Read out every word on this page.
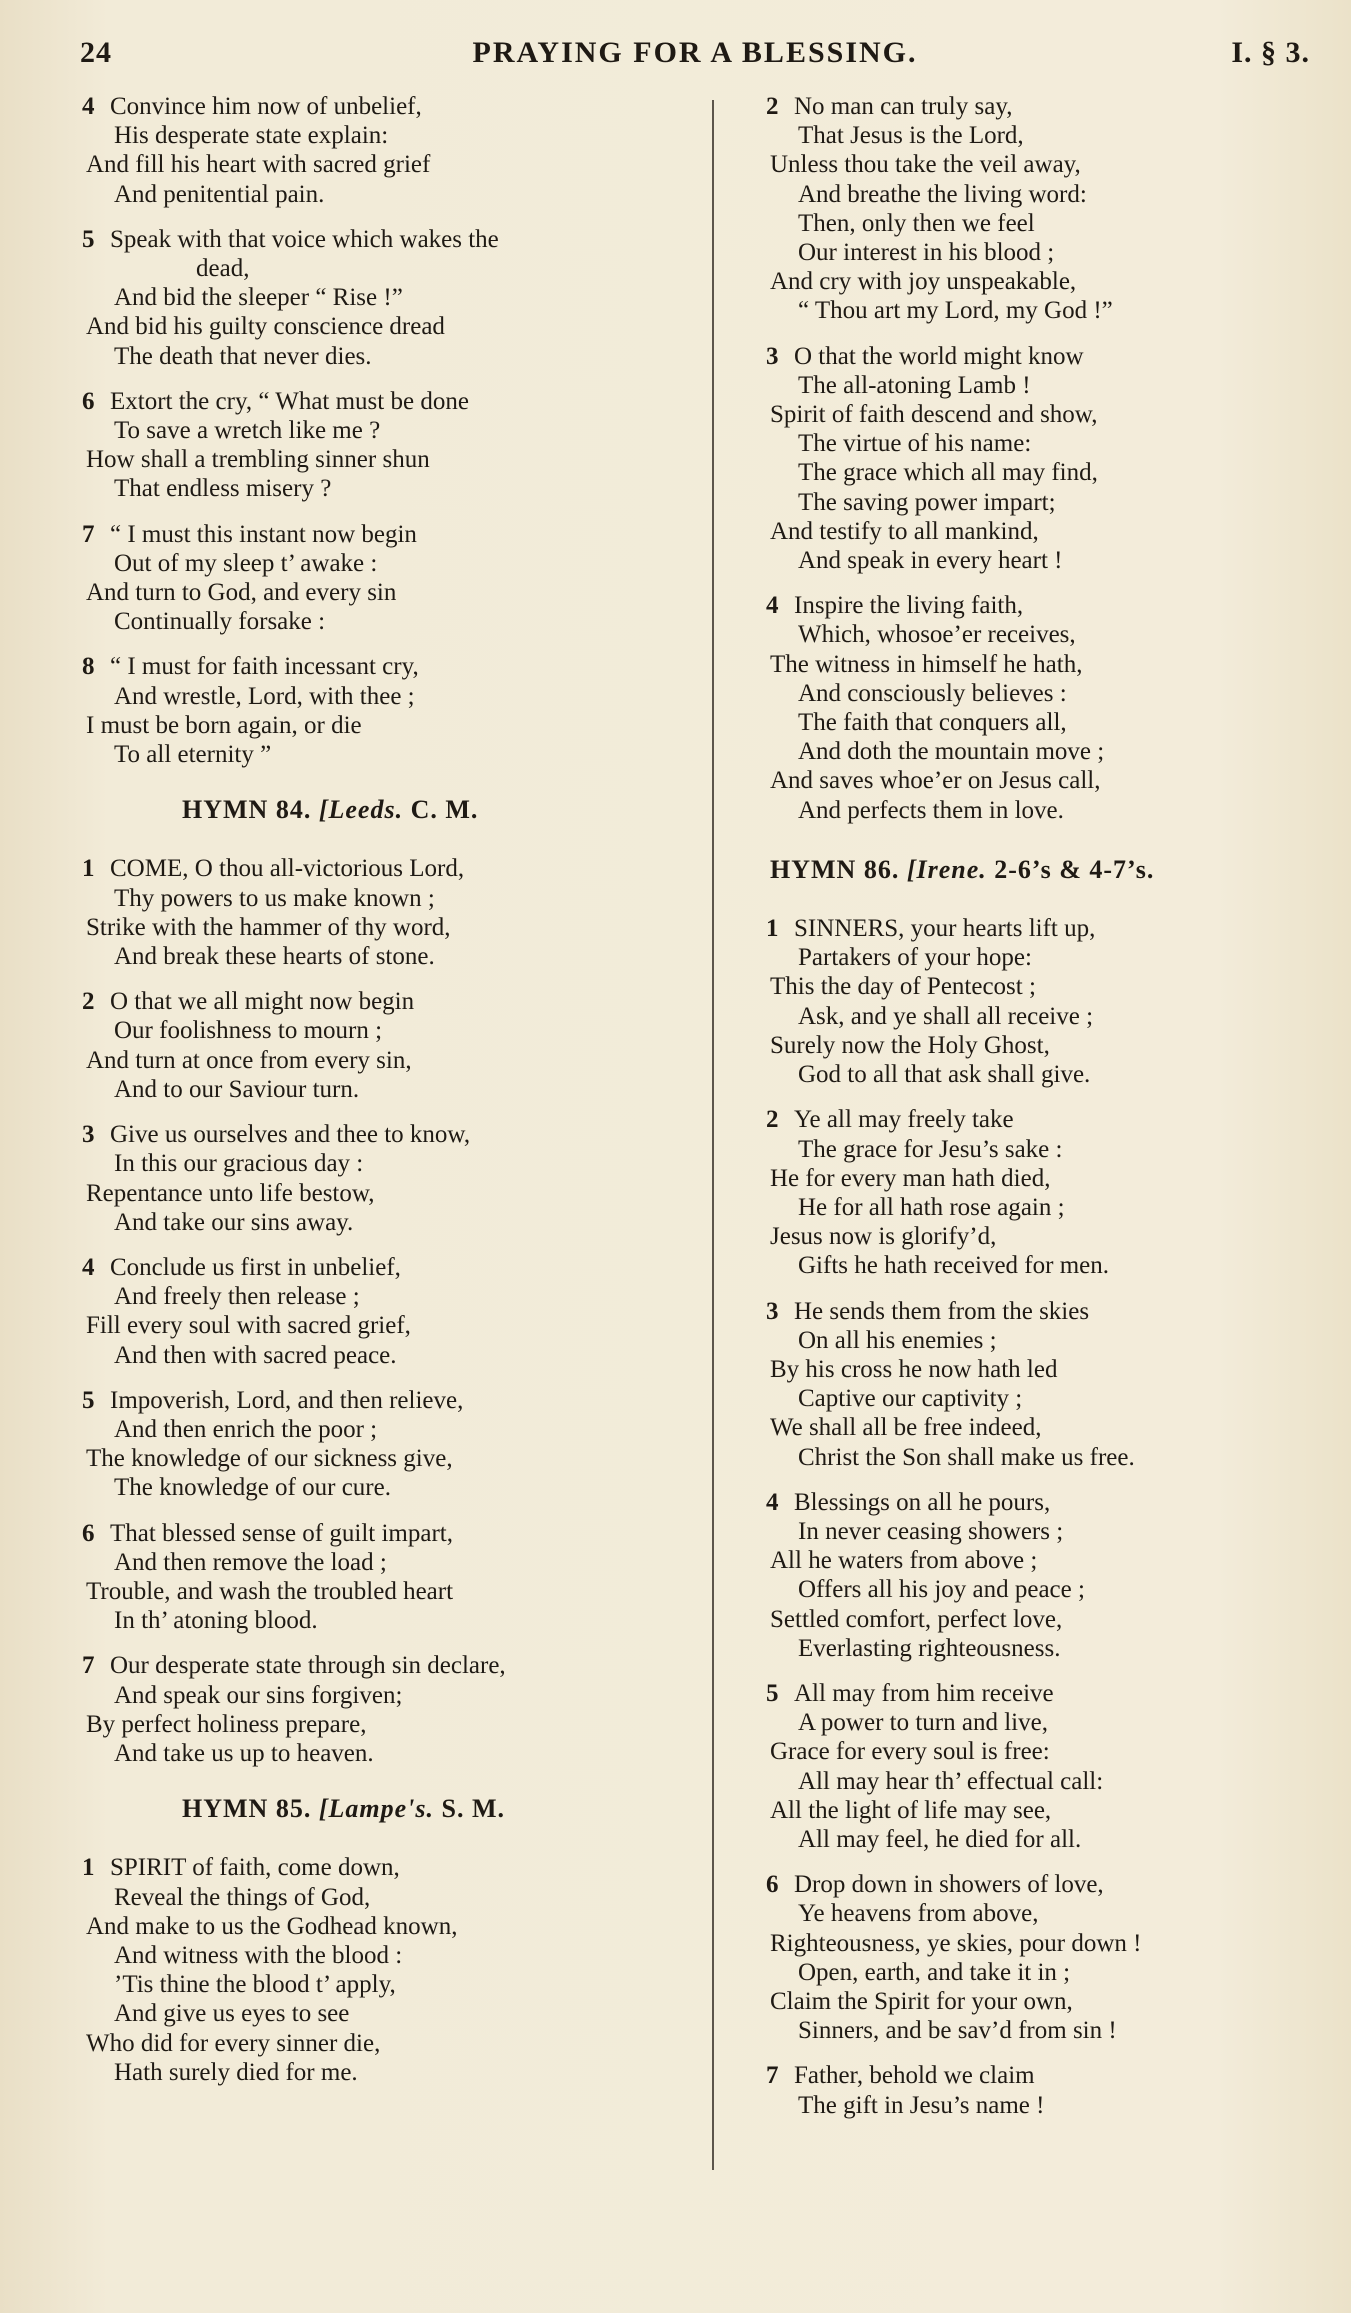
24	PRAYING FOR A BLESSING.	I. § 3.
4 Convince him now of unbelief,
His desperate state explain:
And fill his heart with sacred grief
And penitential pain.
5 Speak with that voice which wakes the
dead,
And bid the sleeper “ Rise !”
And bid his guilty conscience dread
The death that never dies.
6 Extort the cry, “ What must be done
To save a wretch like me ?
How shall a trembling sinner shun
That endless misery ?
7 “ I must this instant now begin
Out of my sleep t’ awake :
And turn to God, and every sin
Continually forsake :
8 “ I must for faith incessant cry,
And wrestle, Lord, with thee ;
I must be born again, or die
To all eternity ”
HYMN 84. [Leeds. C. M.
1 COME, O thou all-victorious Lord,
Thy powers to us make known ;
Strike with the hammer of thy word,
And break these hearts of stone.
2 O that we all might now begin
Our foolishness to mourn ;
And turn at once from every sin,
And to our Saviour turn.
3 Give us ourselves and thee to know,
In this our gracious day :
Repentance unto life bestow,
And take our sins away.
4 Conclude us first in unbelief,
And freely then release ;
Fill every soul with sacred grief,
And then with sacred peace.
5 Impoverish, Lord, and then relieve,
And then enrich the poor ;
The knowledge of our sickness give,
The knowledge of our cure.
6 That blessed sense of guilt impart,
And then remove the load ;
Trouble, and wash the troubled heart
In th’ atoning blood.
7 Our desperate state through sin declare,
And speak our sins forgiven;
By perfect holiness prepare,
And take us up to heaven.
HYMN 85. [Lampe's. S. M.
1 SPIRIT of faith, come down,
Reveal the things of God,
And make to us the Godhead known,
And witness with the blood :
’Tis thine the blood t’ apply,
And give us eyes to see
Who did for every sinner die,
Hath surely died for me.
2 No man can truly say,
That Jesus is the Lord,
Unless thou take the veil away,
And breathe the living word:
Then, only then we feel
Our interest in his blood ;
And cry with joy unspeakable,
“ Thou art my Lord, my God !”
3 O that the world might know
The all-atoning Lamb !
Spirit of faith descend and show,
The virtue of his name:
The grace which all may find,
The saving power impart;
And testify to all mankind,
And speak in every heart !
4 Inspire the living faith,
Which, whosoe’er receives,
The witness in himself he hath,
And consciously believes :
The faith that conquers all,
And doth the mountain move ;
And saves whoe’er on Jesus call,
And perfects them in love.
HYMN 86. [Irene. 2-6’s & 4-7’s.
1 SINNERS, your hearts lift up,
Partakers of your hope:
This the day of Pentecost ;
Ask, and ye shall all receive ;
Surely now the Holy Ghost,
God to all that ask shall give.
2 Ye all may freely take
The grace for Jesu’s sake :
He for every man hath died,
He for all hath rose again ;
Jesus now is glorify’d,
Gifts he hath received for men.
3 He sends them from the skies
On all his enemies ;
By his cross he now hath led
Captive our captivity ;
We shall all be free indeed,
Christ the Son shall make us free.
4 Blessings on all he pours,
In never ceasing showers ;
All he waters from above ;
Offers all his joy and peace ;
Settled comfort, perfect love,
Everlasting righteousness.
5 All may from him receive
A power to turn and live,
Grace for every soul is free:
All may hear th’ effectual call:
All the light of life may see,
All may feel, he died for all.
6 Drop down in showers of love,
Ye heavens from above,
Righteousness, ye skies, pour down !
Open, earth, and take it in ;
Claim the Spirit for your own,
Sinners, and be sav’d from sin !
7 Father, behold we claim
The gift in Jesu’s name !
